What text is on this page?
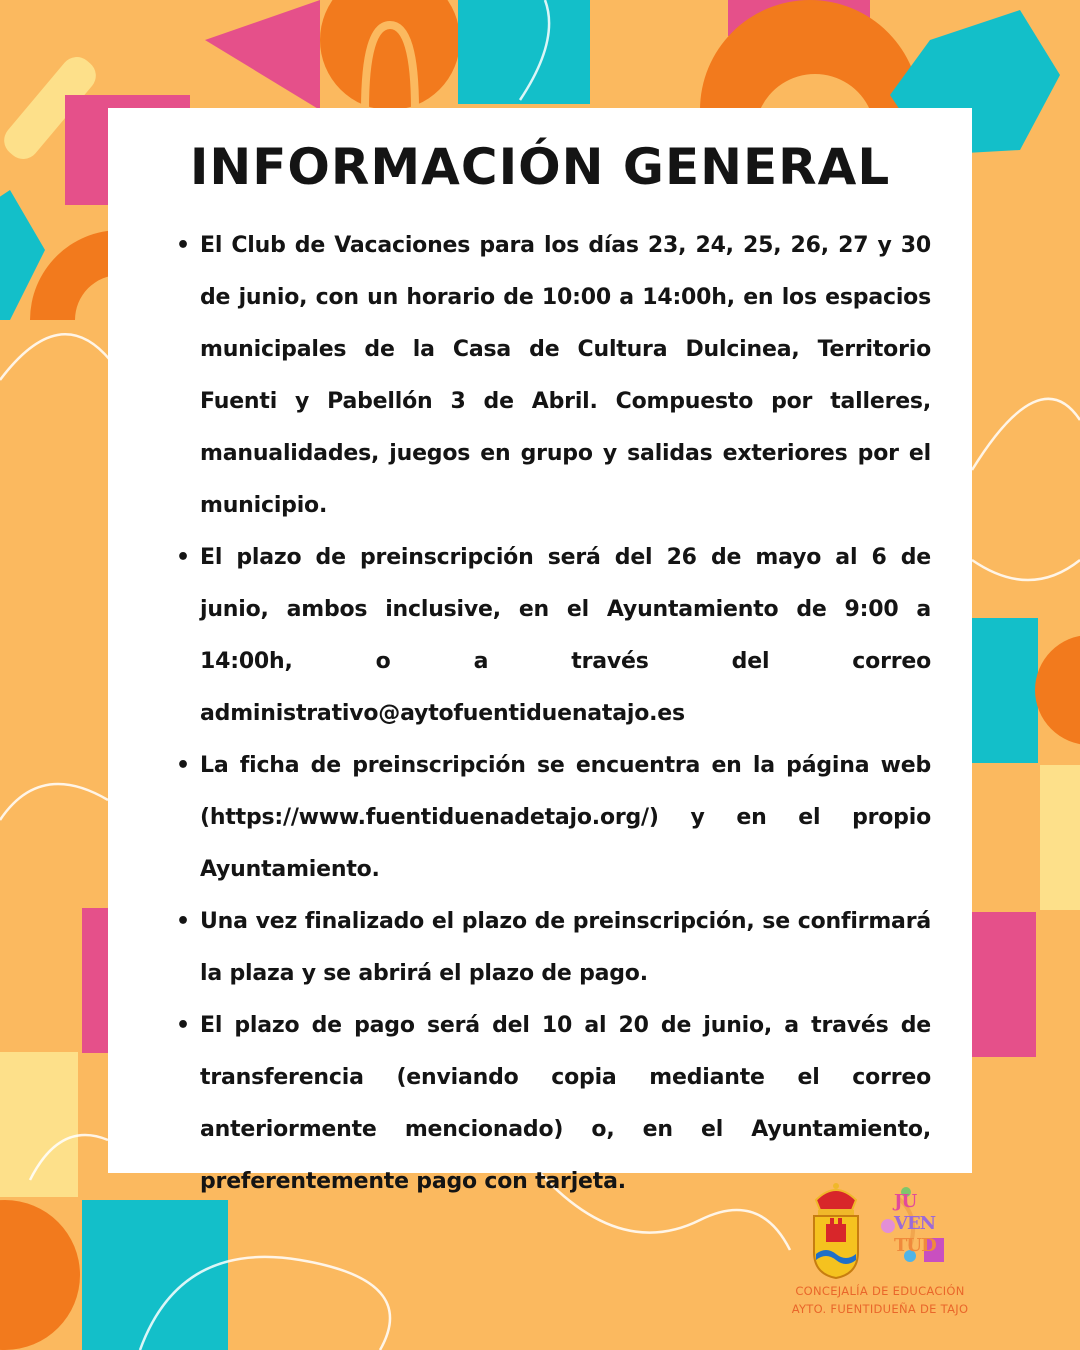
INFORMACIÓN GENERAL
• El Club de Vacaciones para los días 23, 24, 25, 26, 27 y 30 de junio, con un horario de 10:00 a 14:00h, en los espacios municipales de la Casa de Cultura Dulcinea, Territorio Fuenti y Pabellón 3 de Abril. Compuesto por talleres, manualidades, juegos en grupo y salidas exteriores por el municipio.
• El plazo de preinscripción será del 26 de mayo al 6 de junio, ambos inclusive, en el Ayuntamiento de 9:00 a 14:00h, o a través del correo administrativo@aytofuentiduenatajo.es
• La ficha de preinscripción se encuentra en la página web (https://www.fuentiduenadetajo.org/) y en el propio Ayuntamiento.
• Una vez finalizado el plazo de preinscripción, se confirmará la plaza y se abrirá el plazo de pago.
• El plazo de pago será del 10 al 20 de junio, a través de transferencia (enviando copia mediante el correo anteriormente mencionado) o, en el Ayuntamiento, preferentemente pago con tarjeta.
JU
VEN
TUD
CONCEJALÍA DE EDUCACIÓN
AYTO. FUENTIDUEÑA DE TAJO
